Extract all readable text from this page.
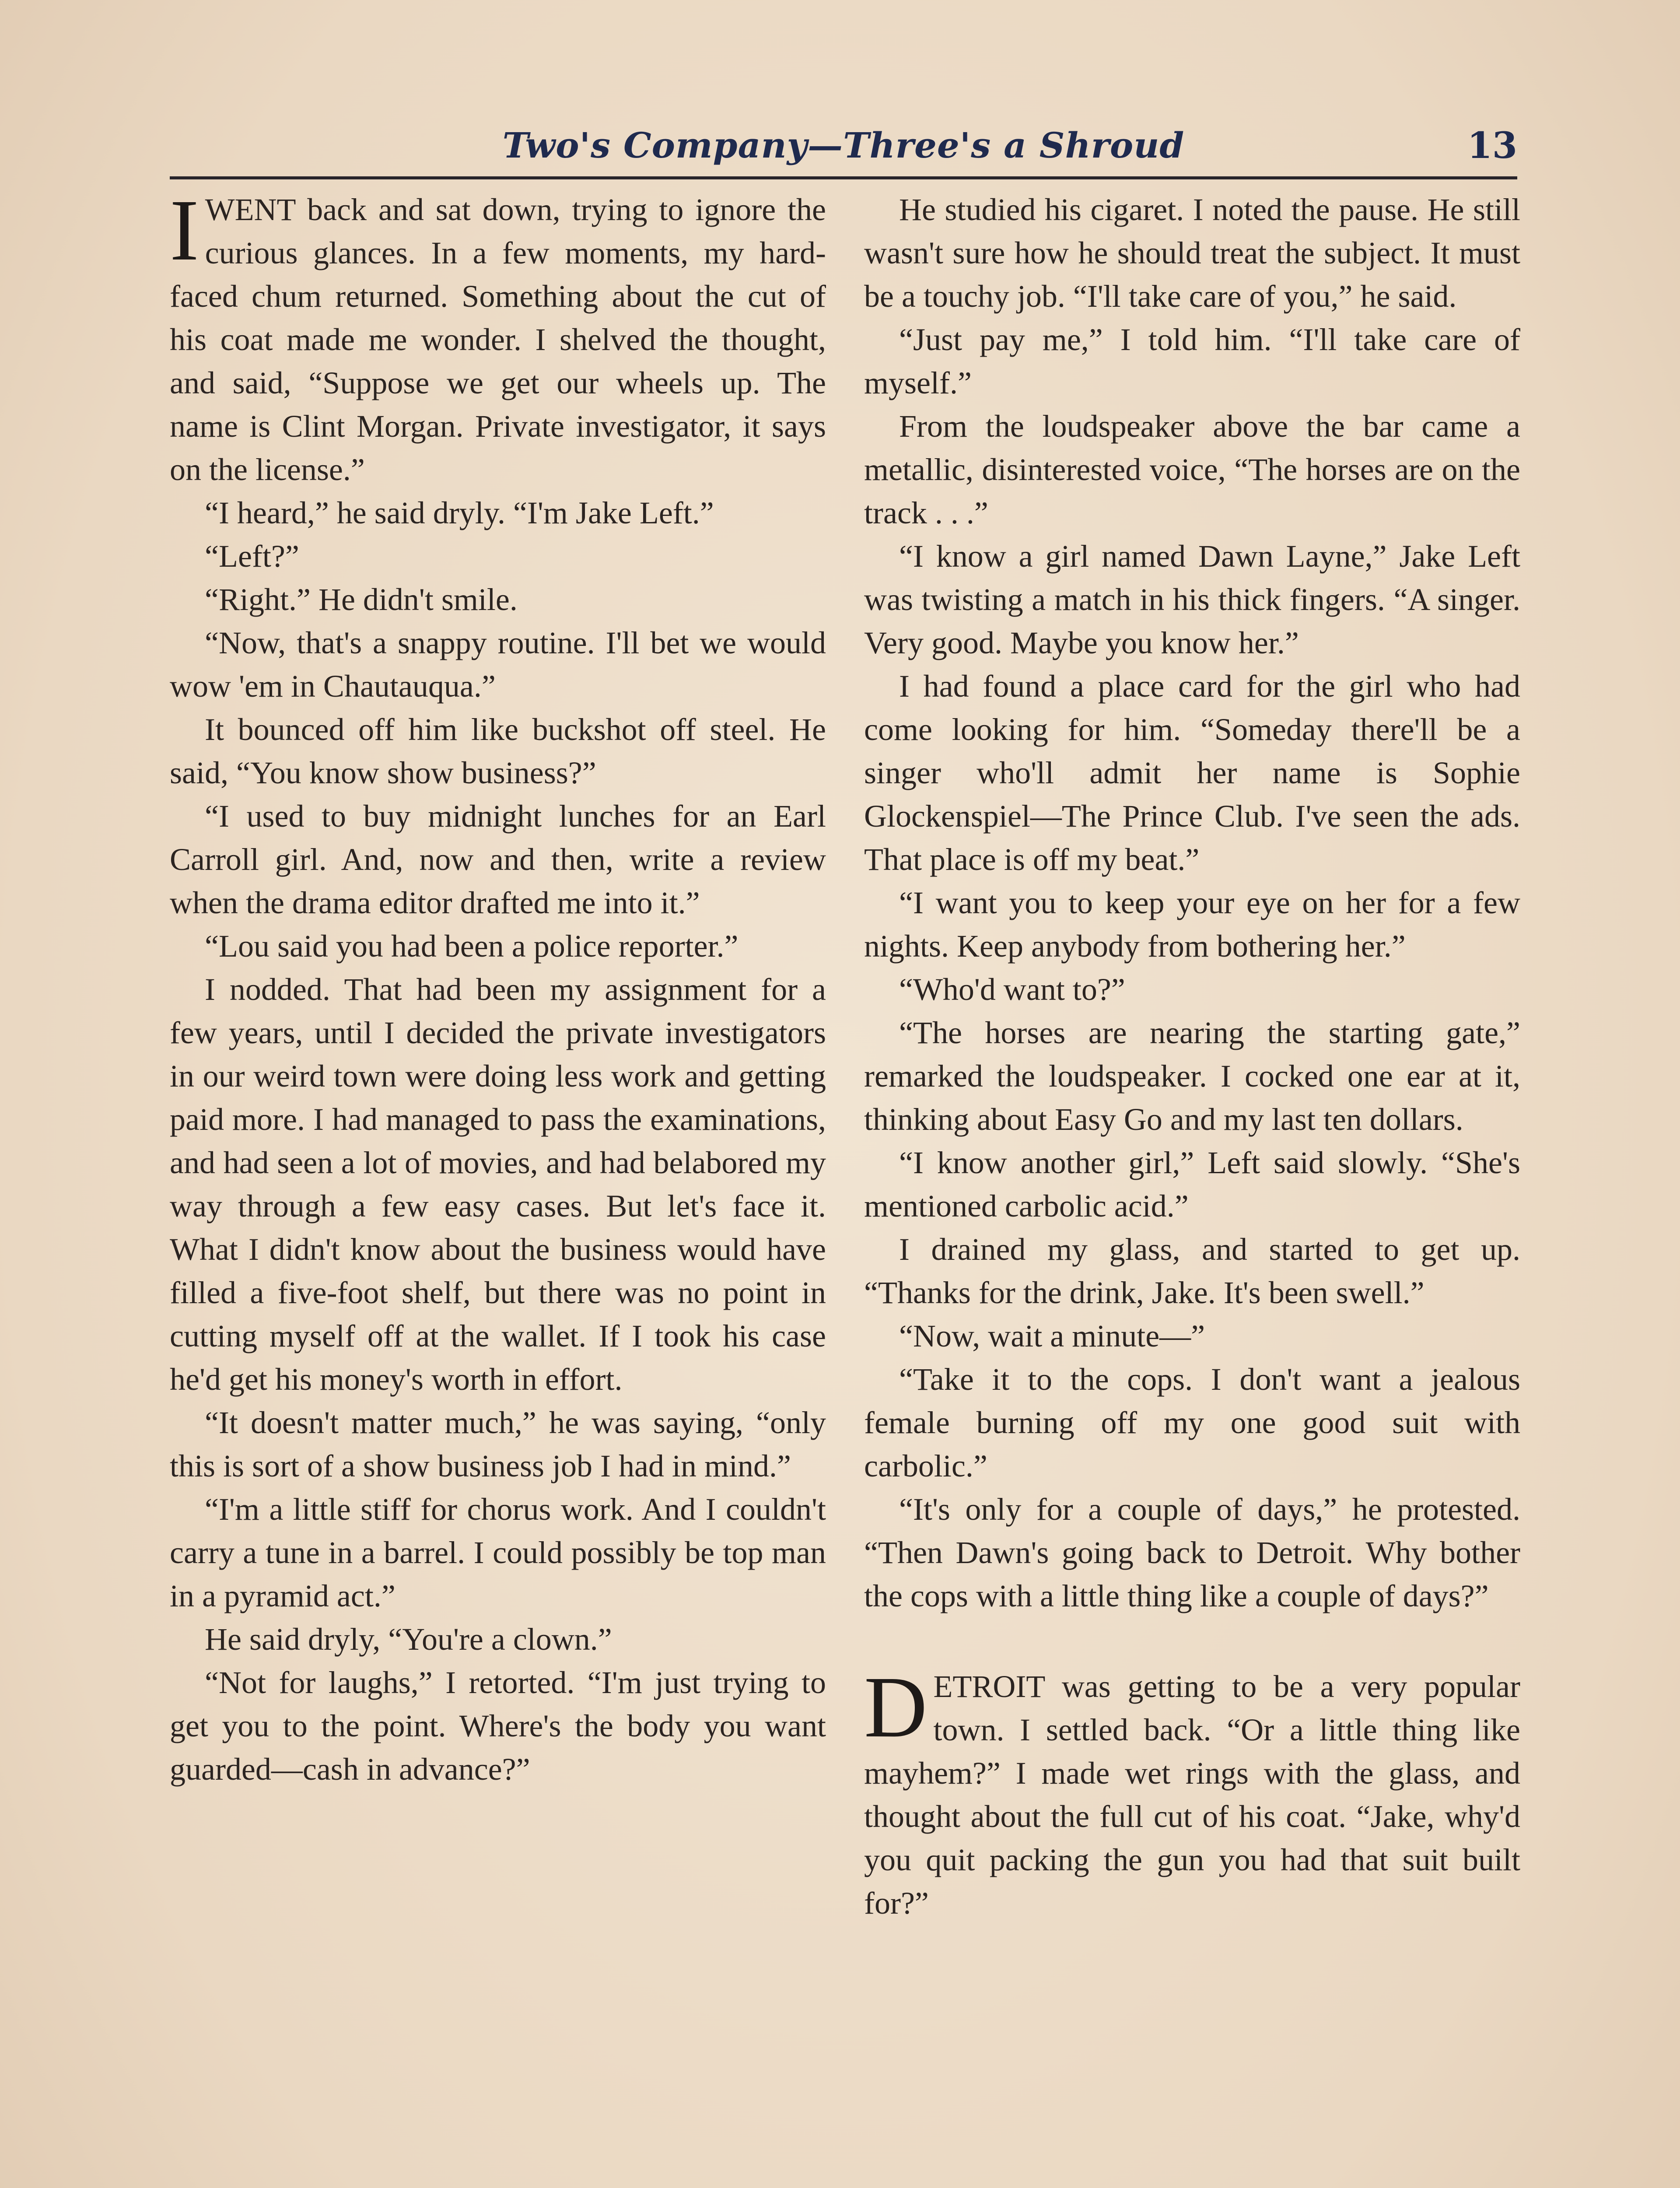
Two's Company—Three's a Shroud	13

IWENT back and sat down, trying to ignore the curious glances. In a few moments, my hard-faced chum returned. Something about the cut of his coat made me wonder. I shelved the thought, and said, “Suppose we get our wheels up. The name is Clint Morgan. Private investigator, it says on the license.”

“I heard,” he said dryly. “I'm Jake Left.”

“Left?”

“Right.” He didn't smile.

“Now, that's a snappy routine. I'll bet we would wow 'em in Chautauqua.”

It bounced off him like buckshot off steel. He said, “You know show business?”

“I used to buy midnight lunches for an Earl Carroll girl. And, now and then, write a review when the drama editor drafted me into it.”

“Lou said you had been a police reporter.”

I nodded. That had been my assignment for a few years, until I decided the private investigators in our weird town were doing less work and getting paid more. I had managed to pass the examinations, and had seen a lot of movies, and had belabored my way through a few easy cases. But let's face it. What I didn't know about the business would have filled a five-foot shelf, but there was no point in cutting myself off at the wallet. If I took his case he'd get his money's worth in effort.

“It doesn't matter much,” he was saying, “only this is sort of a show business job I had in mind.”

“I'm a little stiff for chorus work. And I couldn't carry a tune in a barrel. I could possibly be top man in a pyramid act.”

He said dryly, “You're a clown.”

“Not for laughs,” I retorted. “I'm just trying to get you to the point. Where's the body you want guarded—cash in advance?”

He studied his cigaret. I noted the pause. He still wasn't sure how he should treat the subject. It must be a touchy job. “I'll take care of you,” he said.

“Just pay me,” I told him. “I'll take care of myself.”

From the loudspeaker above the bar came a metallic, disinterested voice, “The horses are on the track . . .”

“I know a girl named Dawn Layne,” Jake Left was twisting a match in his thick fingers. “A singer. Very good. Maybe you know her.”

I had found a place card for the girl who had come looking for him. “Someday there'll be a singer who'll admit her name is Sophie Glockenspiel—The Prince Club. I've seen the ads. That place is off my beat.”

“I want you to keep your eye on her for a few nights. Keep anybody from bothering her.”

“Who'd want to?”

“The horses are nearing the starting gate,” remarked the loudspeaker. I cocked one ear at it, thinking about Easy Go and my last ten dollars.

“I know another girl,” Left said slowly. “She's mentioned carbolic acid.”

I drained my glass, and started to get up. “Thanks for the drink, Jake. It's been swell.”

“Now, wait a minute—”

“Take it to the cops. I don't want a jealous female burning off my one good suit with carbolic.”

“It's only for a couple of days,” he protested. “Then Dawn's going back to Detroit. Why bother the cops with a little thing like a couple of days?”

DETROIT was getting to be a very popular town. I settled back. “Or a little thing like mayhem?” I made wet rings with the glass, and thought about the full cut of his coat. “Jake, why'd you quit packing the gun you had that suit built for?”
